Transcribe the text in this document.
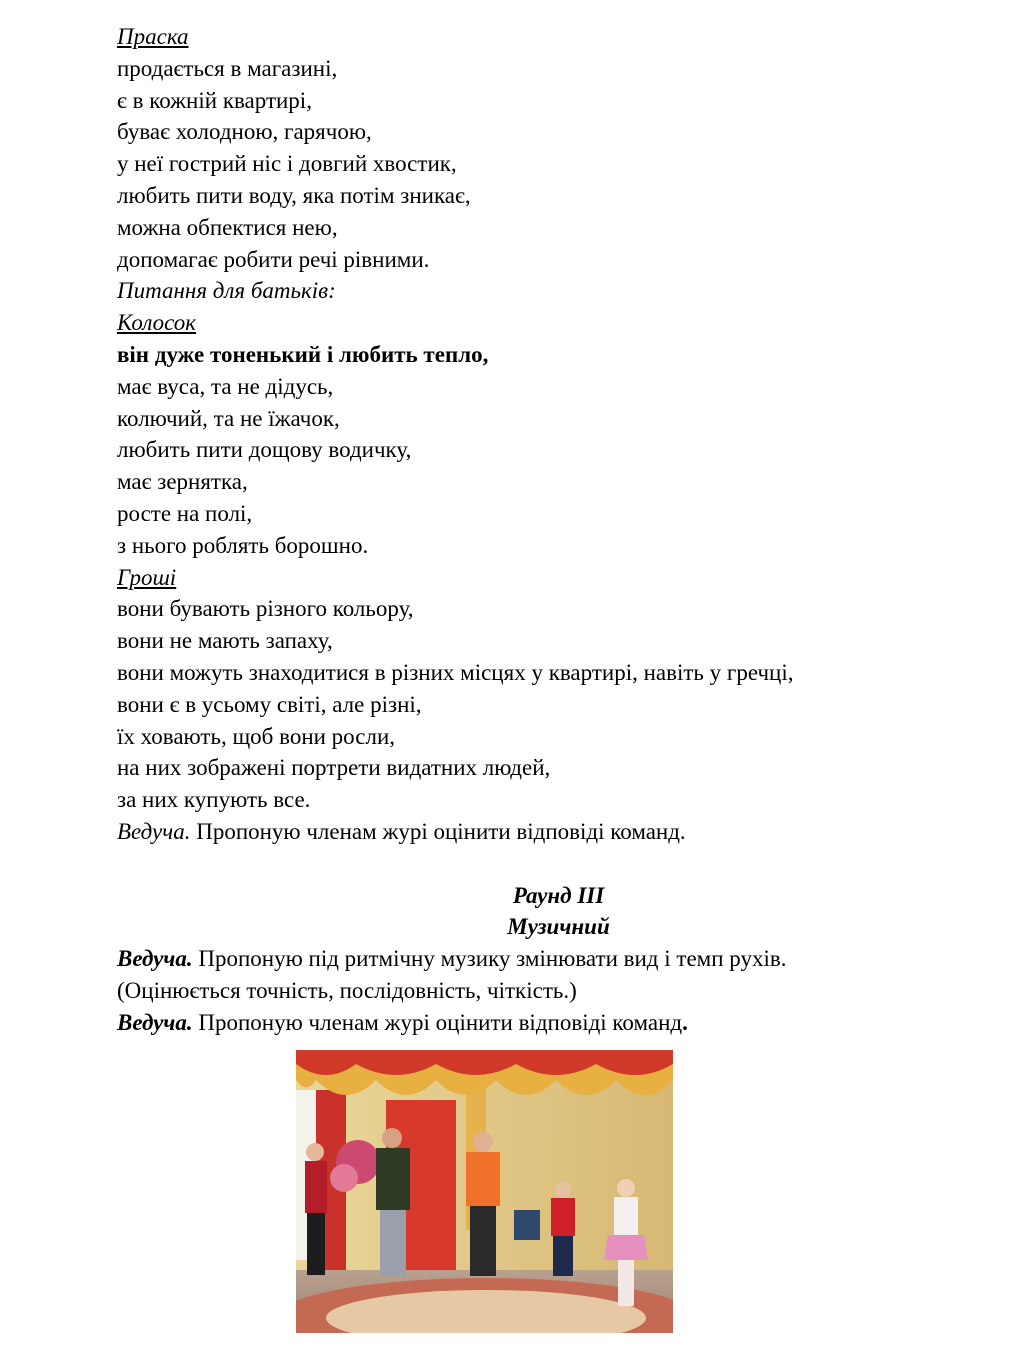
Праска
продається в магазині,
є в кожній квартирі,
буває холодною, гарячою,
у неї гострий ніс і довгий хвостик,
любить пити воду, яка потім зникає,
можна обпектися нею,
допомагає робити речі рівними.
Питання для батьків:
Колосок
він дуже тоненький і любить тепло,
має вуса, та не дідусь,
колючий, та не їжачок,
любить пити дощову водичку,
має зернятка,
росте на полі,
з нього роблять борошно.
Гроші
вони бувають різного кольору,
вони не мають запаху,
вони можуть знаходитися в різних місцях у квартирі, навіть у гречці,
вони є в усьому світі, але різні,
їх ховають, щоб вони росли,
на них зображені портрети видатних людей,
за них купують все.
Ведуча. Пропоную членам журі оцінити відповіді команд.
Раунд ІІІ
Музичний
Ведуча. Пропоную під ритмічну музику змінювати вид і темп рухів.
(Оцінюється точність, послідовність, чіткість.)
Ведуча. Пропоную членам журі оцінити відповіді команд.
